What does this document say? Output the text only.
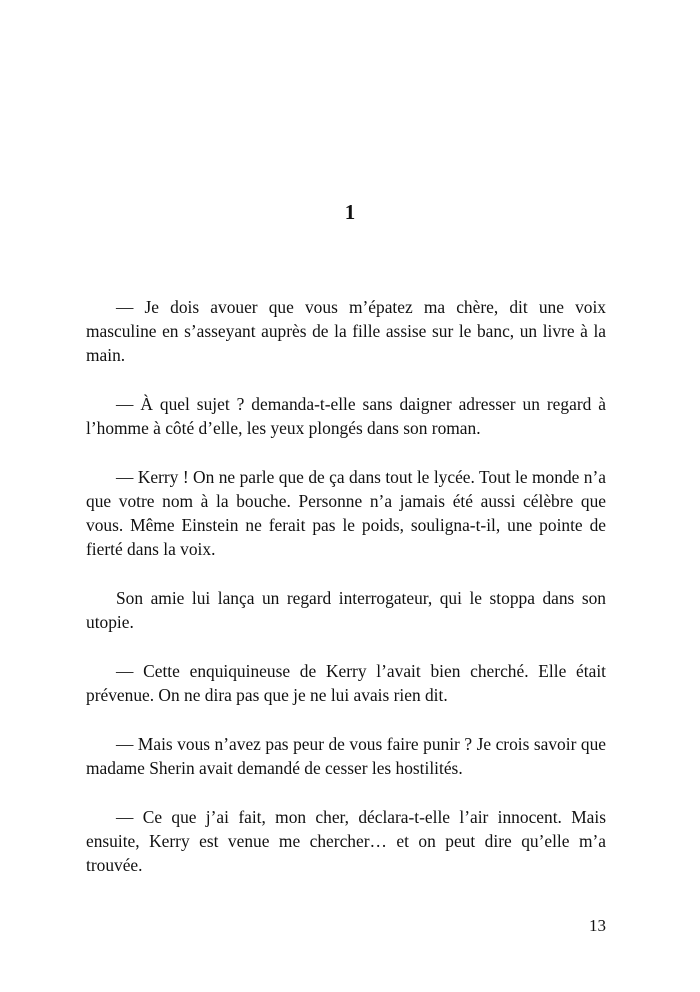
1

— Je dois avouer que vous m’épatez ma chère, dit une voix masculine en s’asseyant auprès de la fille assise sur le banc, un livre à la main.

— À quel sujet ? demanda-t-elle sans daigner adresser un regard à l’homme à côté d’elle, les yeux plongés dans son roman.

— Kerry ! On ne parle que de ça dans tout le lycée. Tout le monde n’a que votre nom à la bouche. Personne n’a jamais été aussi célèbre que vous. Même Einstein ne ferait pas le poids, souligna-t-il, une pointe de fierté dans la voix.

Son amie lui lança un regard interrogateur, qui le stoppa dans son utopie.

— Cette enquiquineuse de Kerry l’avait bien cherché. Elle était prévenue. On ne dira pas que je ne lui avais rien dit.

— Mais vous n’avez pas peur de vous faire punir ? Je crois savoir que madame Sherin avait demandé de cesser les hostilités.

— Ce que j’ai fait, mon cher, déclara-t-elle l’air innocent. Mais ensuite, Kerry est venue me chercher… et on peut dire qu’elle m’a trouvée.

13
